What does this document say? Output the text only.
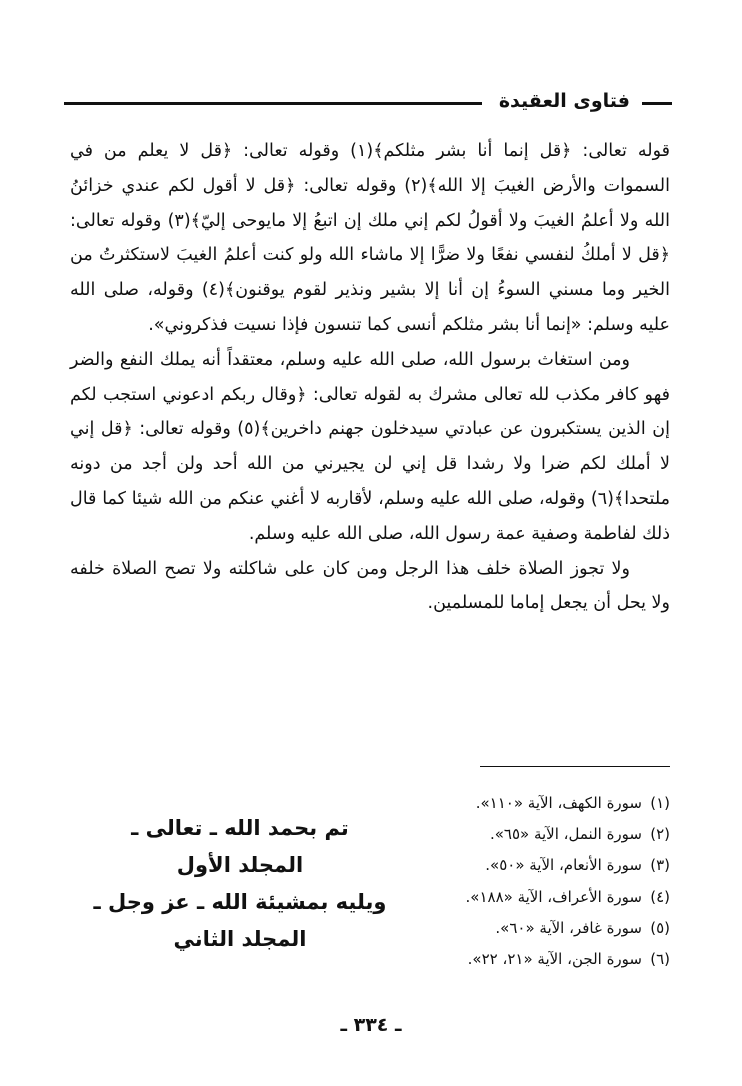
فتاوى العقيدة

قوله تعالى: ﴿قل إنما أنا بشر مثلكم﴾(١) وقوله تعالى: ﴿قل لا يعلم من في السموات والأرض الغيبَ إلا الله﴾(٢) وقوله تعالى: ﴿قل لا أقول لكم عندي خزائنُ الله ولا أعلمُ الغيبَ ولا أقولُ لكم إني ملك إن اتبعُ إلا مايوحى إليّ﴾(٣) وقوله تعالى: ﴿قل لا أملكُ لنفسي نفعًا ولا ضرًّا إلا ماشاء الله ولو كنت أعلمُ الغيبَ لاستكثرتُ من الخير وما مسني السوءُ إن أنا إلا بشير ونذير لقوم يوقنون﴾(٤) وقوله، صلى الله عليه وسلم: «إنما أنا بشر مثلكم أنسى كما تنسون فإذا نسيت فذكروني».

ومن استغاث برسول الله، صلى الله عليه وسلم، معتقداً أنه يملك النفع والضر فهو كافر مكذب لله تعالى مشرك به لقوله تعالى: ﴿وقال ربكم ادعوني استجب لكم إن الذين يستكبرون عن عبادتي سيدخلون جهنم داخرين﴾(٥) وقوله تعالى: ﴿قل إني لا أملك لكم ضرا ولا رشدا قل إني لن يجيرني من الله أحد ولن أجد من دونه ملتحدا﴾(٦) وقوله، صلى الله عليه وسلم، لأقاربه لا أغني عنكم من الله شيئا كما قال ذلك لفاطمة وصفية عمة رسول الله، صلى الله عليه وسلم.

ولا تجوز الصلاة خلف هذا الرجل ومن كان على شاكلته ولا تصح الصلاة خلفه ولا يحل أن يجعل إماما للمسلمين.

(١)سورة الكهف، الآية «١١٠».
(٢)سورة النمل، الآية «٦٥».
(٣)سورة الأنعام، الآية «٥٠».
(٤)سورة الأعراف، الآية «١٨٨».
(٥)سورة غافر، الآية «٦٠».
(٦)سورة الجن، الآية «٢١، ٢٢».
تم بحمد الله ـ تعالى ـ
المجلد الأول
ويليه بمشيئة الله ـ عز وجل ـ
المجلد الثاني
ـ ٣٣٤ ـ
